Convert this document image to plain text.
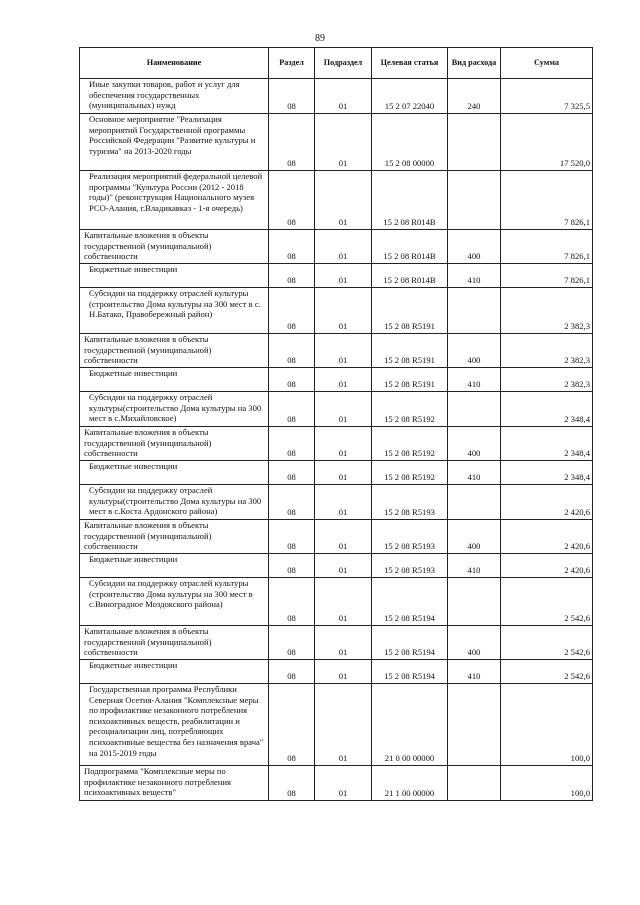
89
Наименование	Раздел	Подраздел	Целевая статья	Вид расхода	Сумма

Иные закупки товаров, работ и услуг для обеспечения государственных (муниципальных) нужд	08	01	15 2 07 22040	240	7 325,5

Основное мероприятие "Реализация мероприятий Государственной программы Российской Федерации "Развитие культуры и туризма" на 2013-2020 годы	08	01	15 2 08 00000		17 520,0

Реализация мероприятий федеральной целевой программы "Культура России (2012 - 2018 годы)" (реконструкция Национального музея РСО-Алания, г.Владикавказ - 1-я очередь)	08	01	15 2 08 R014В		7 826,1

Капитальные вложения в объекты государственной (муниципальной) собственности	08	01	15 2 08 R014В	400	7 826,1

Бюджетные инвестиции	08	01	15 2 08 R014В	410	7 826,1

Субсидии на поддержку отраслей культуры (строительство Дома культуры на 300 мест в с. Н.Батако, Правобережный район)	08	01	15 2 08 R5191		2 382,3

Капитальные вложения в объекты государственной (муниципальной) собственности	08	01	15 2 08 R5191	400	2 382,3

Бюджетные инвестиции	08	01	15 2 08 R5191	410	2 382,3

Субсидии на поддержку отраслей культуры(строительство Дома культуры на 300 мест в с.Михайловское)	08	01	15 2 08 R5192		2 348,4

Капитальные вложения в объекты государственной (муниципальной) собственности	08	01	15 2 08 R5192	400	2 348,4

Бюджетные инвестиции	08	01	15 2 08 R5192	410	2 348,4

Субсидии на поддержку отраслей культуры(строительство Дома культуры на 300 мест в с.Коста Ардонского района)	08	01	15 2 08 R5193		2 420,6

Капитальные вложения в объекты государственной (муниципальной) собственности	08	01	15 2 08 R5193	400	2 420,6

Бюджетные инвестиции	08	01	15 2 08 R5193	410	2 420,6

Субсидии на поддержку отраслей культуры (строительство Дома культуры на 300 мест в с.Виноградное Моздокского района)	08	01	15 2 08 R5194		2 542,6

Капитальные вложения в объекты государственной (муниципальной) собственности	08	01	15 2 08 R5194	400	2 542,6

Бюджетные инвестиции	08	01	15 2 08 R5194	410	2 542,6

Государственная программа Республики Северная Осетия-Алания "Комплексные меры по профилактике незаконного потребления психоактивных веществ, реабилитации и ресоциализации лиц, потребляющих психоактивные вещества без назначения врача" на 2015-2019 годы	08	01	21 0 00 00000		100,0

Подпрограмма "Комплексные меры по профилактике незаконного потребления психоактивных веществ"	08	01	21 1 00 00000		100,0
